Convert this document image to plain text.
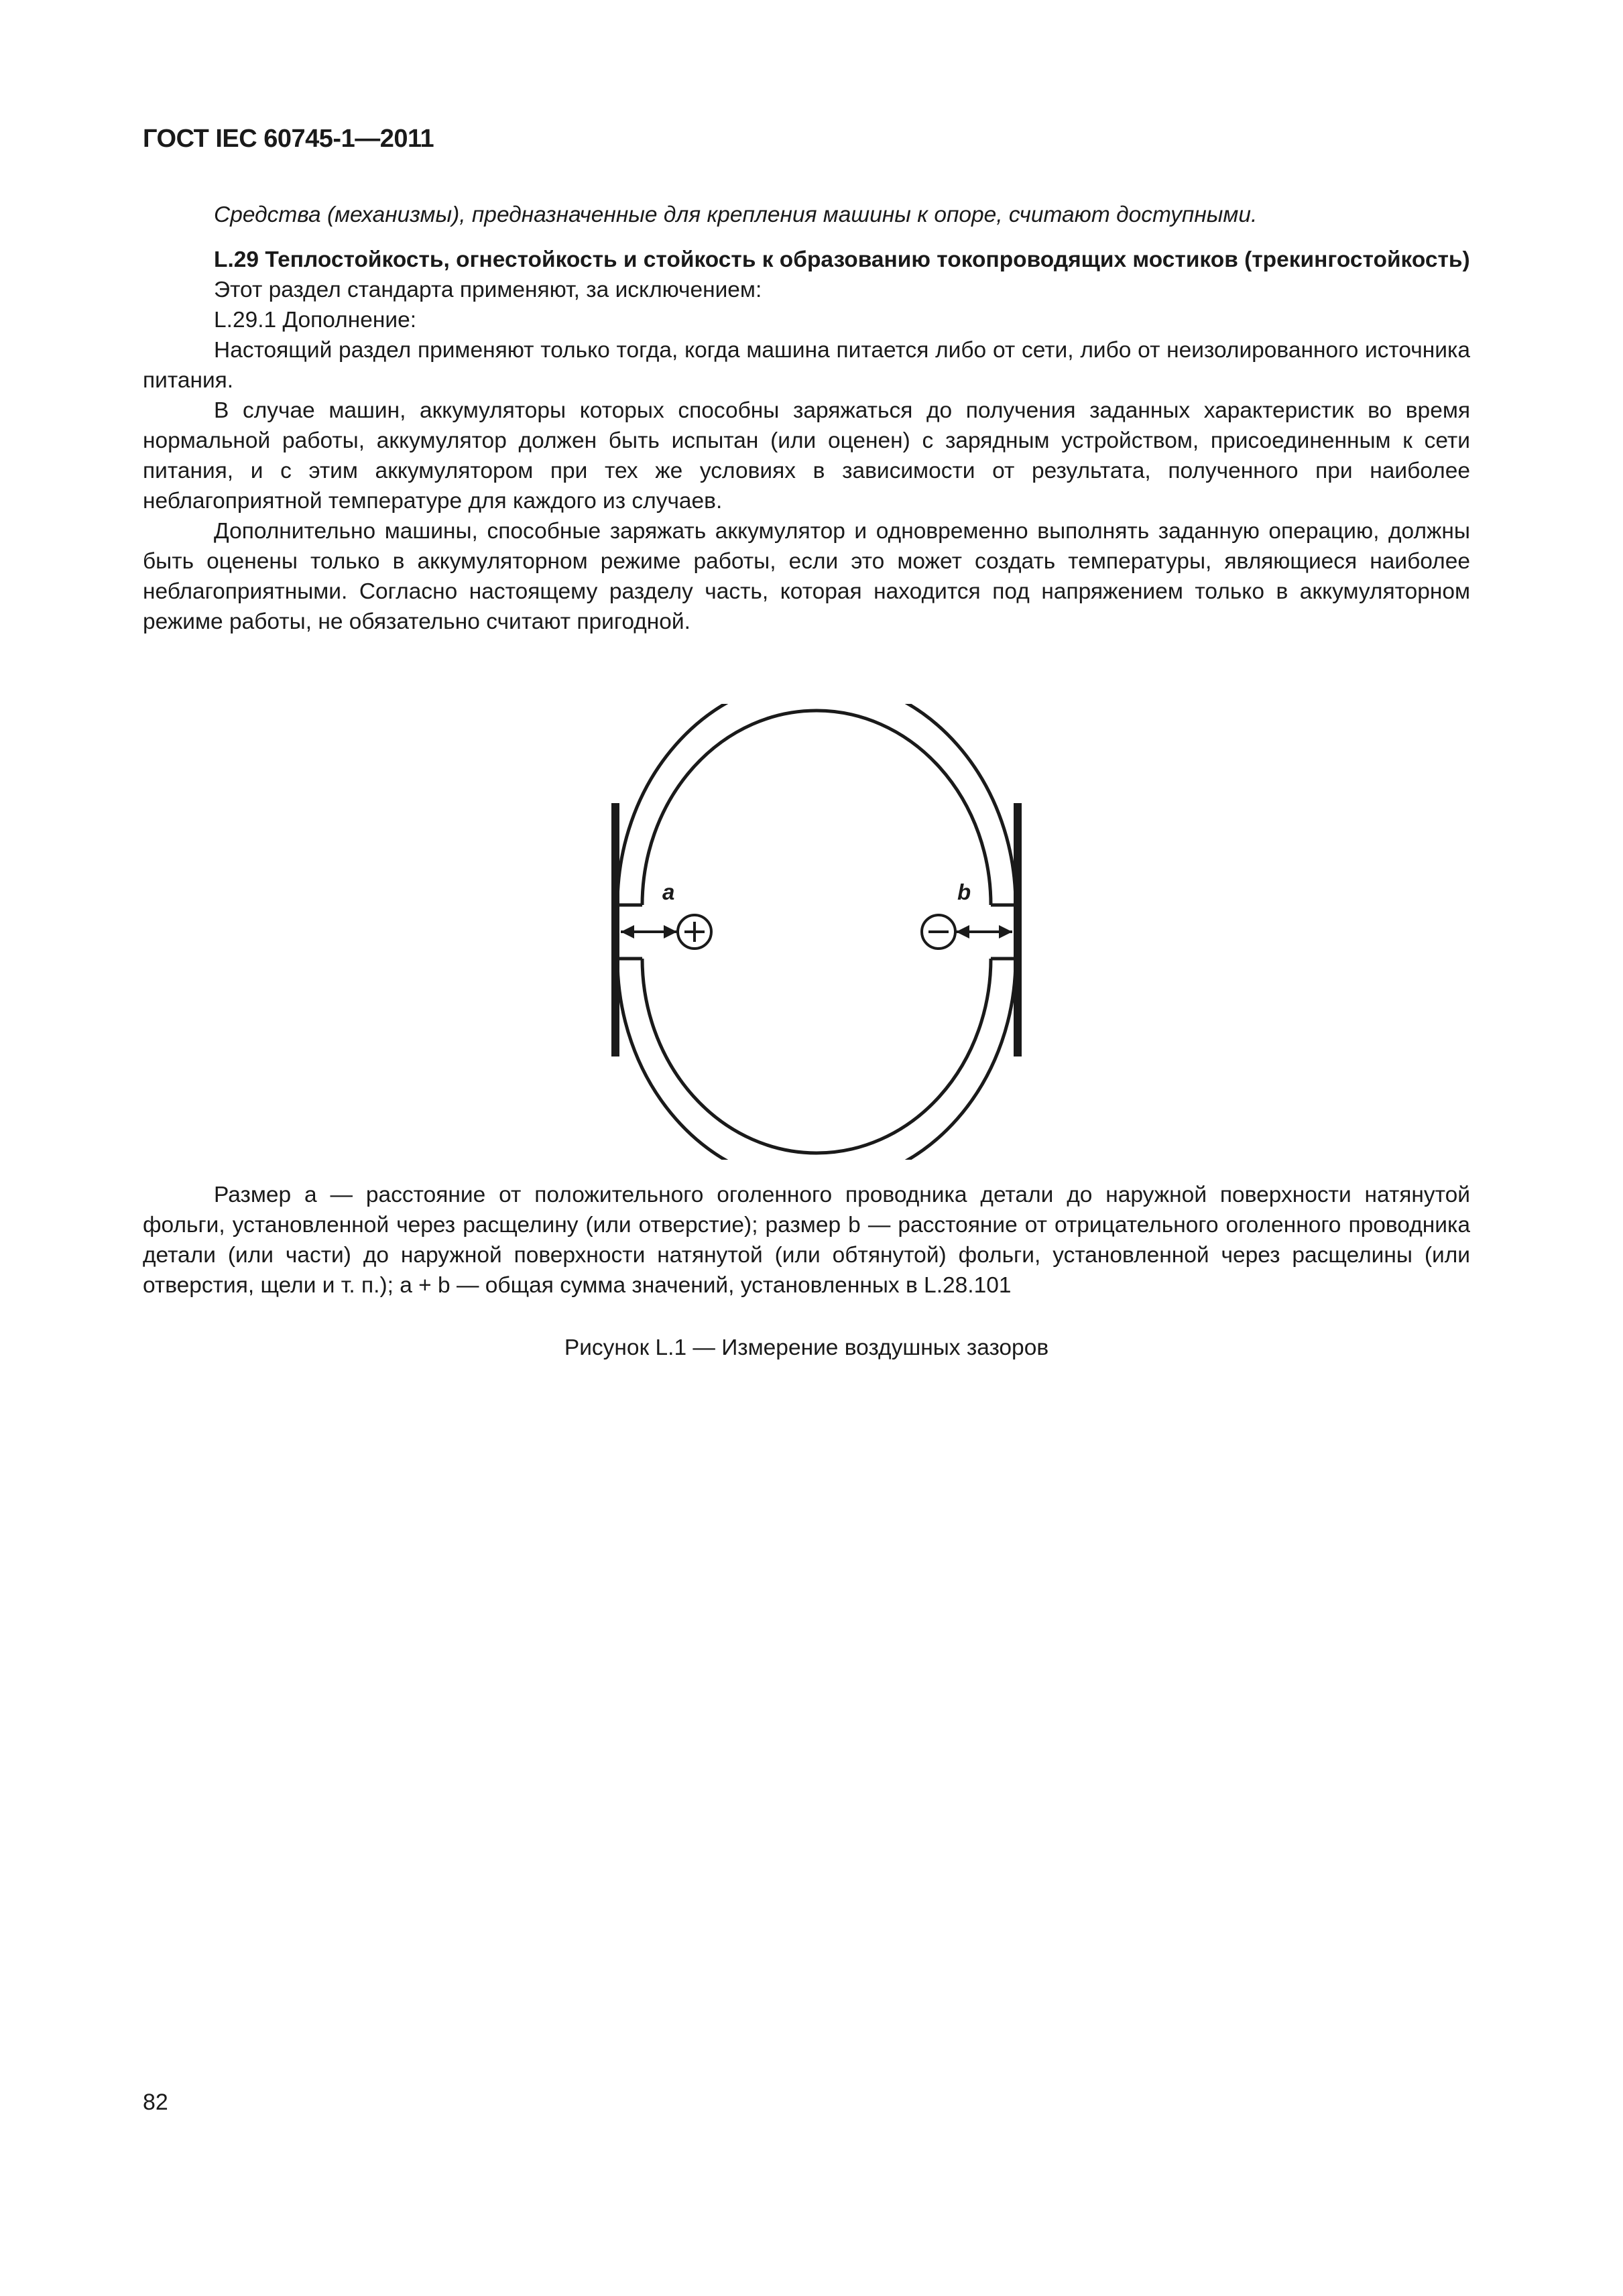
ГОСТ IEC 60745-1—2011

Средства (механизмы), предназначенные для крепления машины к опоре, считают доступными.

L.29 Теплостойкость, огнестойкость и стойкость к образованию токопроводящих мостиков (трекингостойкость)

Этот раздел стандарта применяют, за исключением:

L.29.1 Дополнение:

Настоящий раздел применяют только тогда, когда машина питается либо от сети, либо от неизолированного источника питания.

В случае машин, аккумуляторы которых способны заряжаться до получения заданных характеристик во время нормальной работы, аккумулятор должен быть испытан (или оценен) с зарядным устройством, присоединенным к сети питания, и с этим аккумулятором при тех же условиях в зависимости от результата, полученного при наиболее неблагоприятной температуре для каждого из случаев.

Дополнительно машины, способные заряжать аккумулятор и одновременно выполнять заданную операцию, должны быть оценены только в аккумуляторном режиме работы, если это может создать температуры, являющиеся наиболее неблагоприятными. Согласно настоящему разделу часть, которая находится под напряжением только в аккумуляторном режиме работы, не обязательно считают пригодной.

a	b

Размер a — расстояние от положительного оголенного проводника детали до наружной поверхности натянутой фольги, установленной через расщелину (или отверстие); размер b — расстояние от отрицательного оголенного проводника детали (или части) до наружной поверхности натянутой (или обтянутой) фольги, установленной через расщелины (или отверстия, щели и т. п.); a + b — общая сумма значений, установленных в L.28.101

Рисунок L.1 — Измерение воздушных зазоров
82
